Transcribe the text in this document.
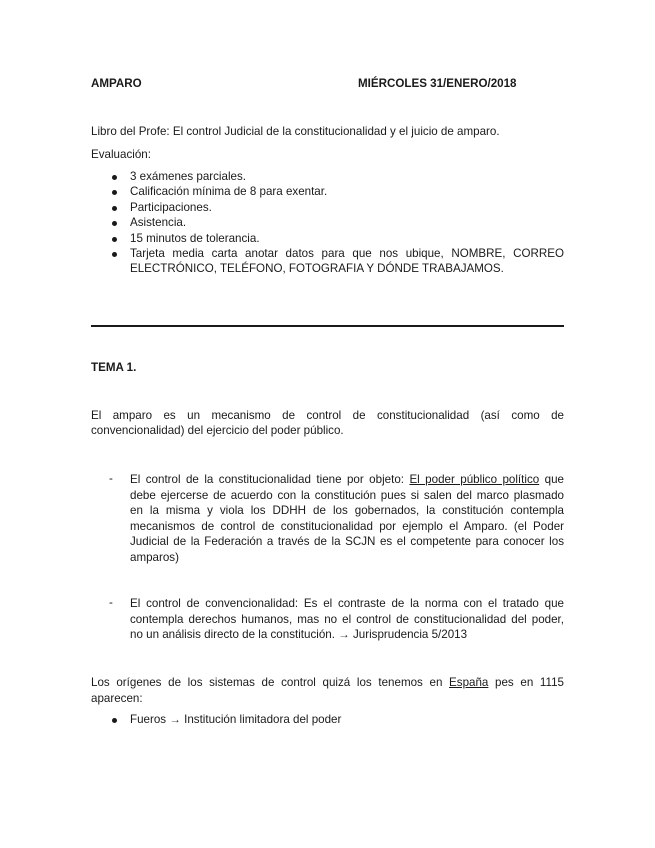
AMPARO	MIÉRCOLES 31/ENERO/2018
Libro del Profe: El control Judicial de la constitucionalidad y el juicio de amparo.
Evaluación:
3 exámenes parciales.
Calificación mínima de 8 para exentar.
Participaciones.
Asistencia.
15 minutos de tolerancia.
Tarjeta media carta anotar datos para que nos ubique, NOMBRE, CORREO
ELECTRÓNICO, TELÉFONO, FOTOGRAFIA Y DÓNDE TRABAJAMOS.
TEMA 1.
El amparo es un mecanismo de control de constitucionalidad (así como de
convencionalidad) del ejercicio del poder público.
- El control de la constitucionalidad tiene por objeto: El poder público político que
debe ejercerse de acuerdo con la constitución pues si salen del marco plasmado
en la misma y viola los DDHH de los gobernados, la constitución contempla
mecanismos de control de constitucionalidad por ejemplo el Amparo. (el Poder
Judicial de la Federación a través de la SCJN es el competente para conocer los
amparos)
- El control de convencionalidad: Es el contraste de la norma con el tratado que
contempla derechos humanos, mas no el control de constitucionalidad del poder,
no un análisis directo de la constitución. → Jurisprudencia 5/2013
Los orígenes de los sistemas de control quizá los tenemos en España pes en 1115
aparecen:
Fueros → Institución limitadora del poder
